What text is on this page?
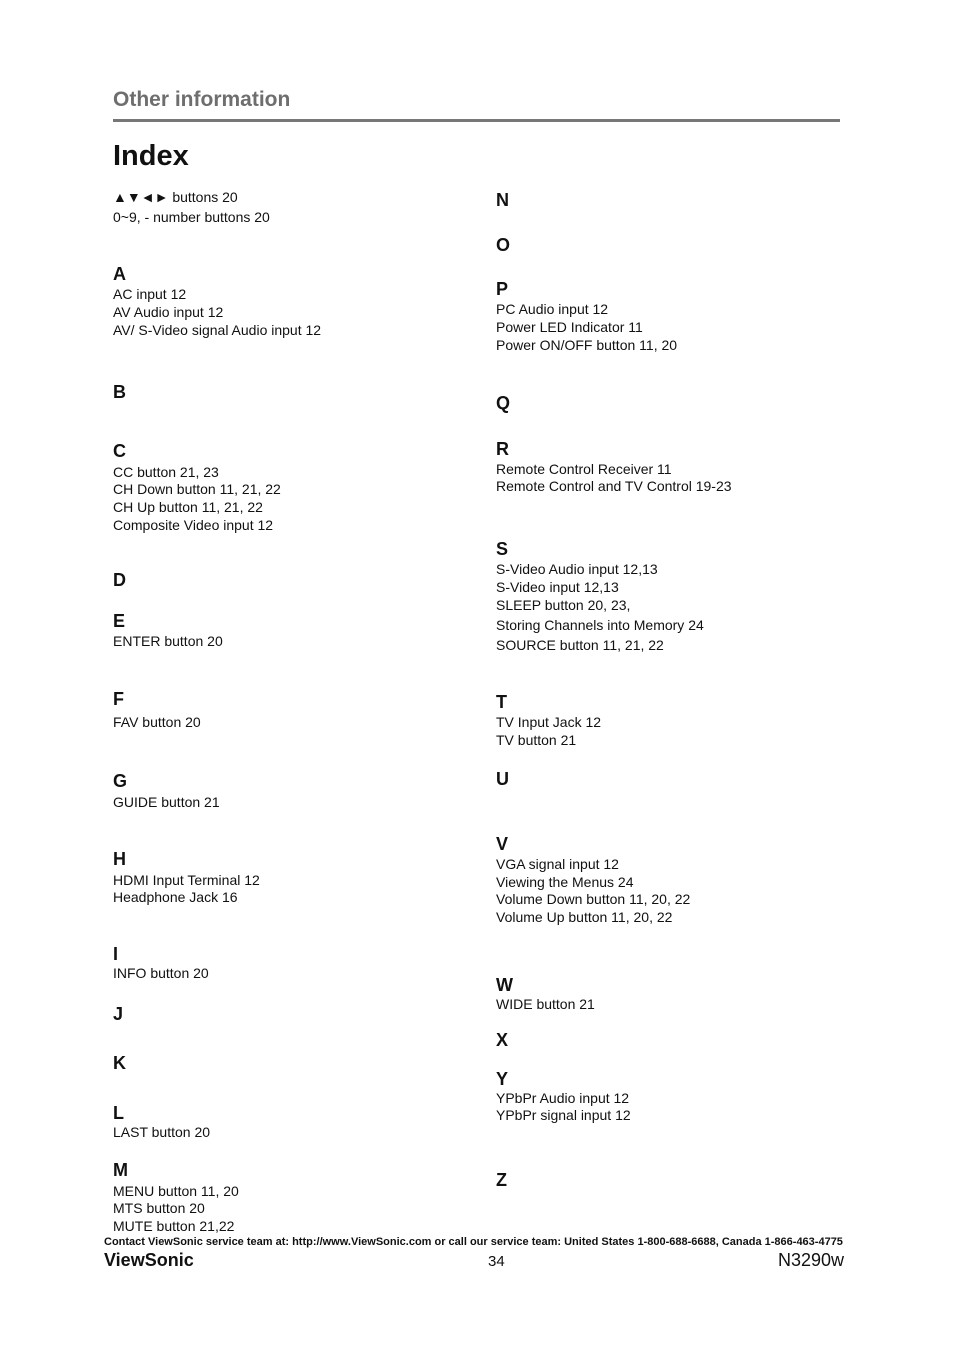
Other information
Index
▲▼◄► buttons 20
0~9, - number buttons 20
A
AC input 12
AV Audio input 12
AV/ S-Video signal Audio input 12
B
C
CC button 21, 23
CH Down button 11, 21, 22
CH Up button 11, 21, 22
Composite Video input 12
D
E
ENTER button 20
F
FAV button 20
G
GUIDE button 21
H
HDMI Input Terminal 12
Headphone Jack 16
I
INFO button 20
J
K
L
LAST button 20
M
MENU button 11, 20
MTS button 20
MUTE button 21,22
N
O
P
PC Audio input 12
Power LED Indicator 11
Power ON/OFF button 11, 20
Q
R
Remote Control Receiver 11
Remote Control and TV Control 19-23
S
S-Video Audio input 12,13
S-Video input 12,13
SLEEP button 20, 23,
Storing Channels into Memory 24
SOURCE button 11, 21, 22
T
TV Input Jack 12
TV button 21
U
V
VGA signal input 12
Viewing the Menus 24
Volume Down button 11, 20, 22
Volume Up button 11, 20, 22
W
WIDE button 21
X
Y
YPbPr Audio input 12
YPbPr signal input 12
Z
Contact ViewSonic service team at: http://www.ViewSonic.com or call our service team: United States 1-800-688-6688, Canada 1-866-463-4775
ViewSonic	34	N3290w
